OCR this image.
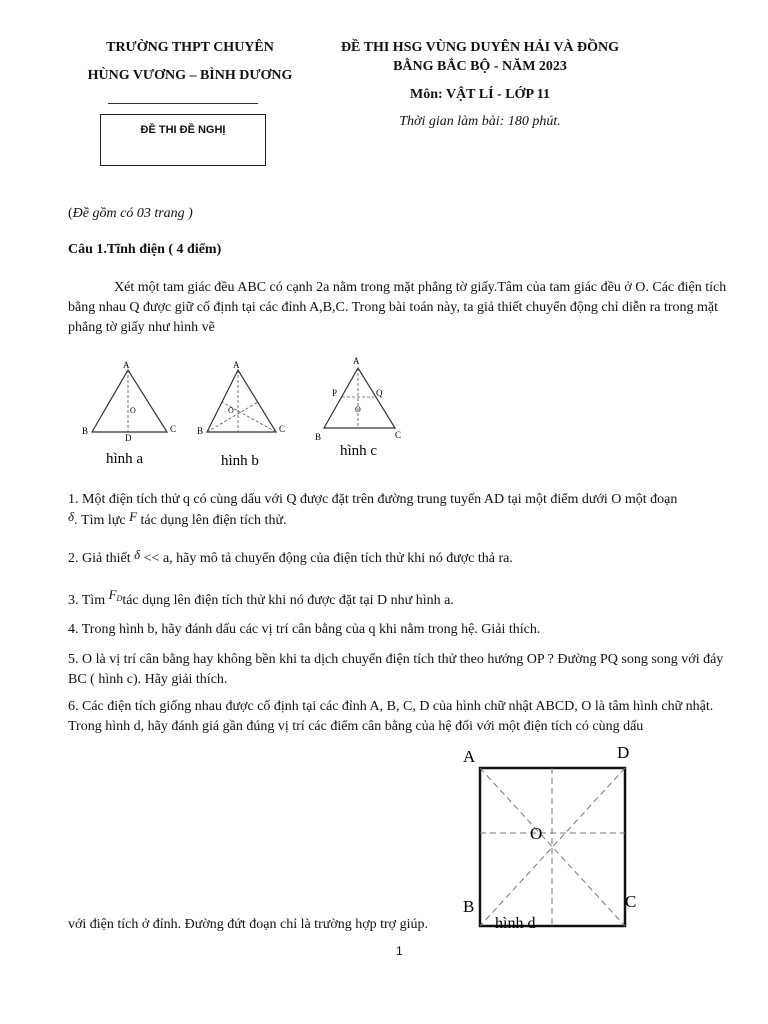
TRƯỜNG THPT CHUYÊN
HÙNG VƯƠNG – BÌNH DƯƠNG
ĐỀ THI ĐỀ NGHỊ
ĐỀ THI HSG VÙNG DUYÊN HẢI VÀ ĐỒNG
BẰNG BẮC BỘ - NĂM 2023
Môn: VẬT LÍ - LỚP 11
Thời gian làm bài: 180 phút.
(Đề gồm có 03 trang )
Câu 1.Tĩnh điện ( 4 điểm)
Xét một tam giác đều ABC có cạnh 2a nằm trong mặt phẳng tờ giấy.Tâm của tam giác đều ở O. Các điện tích bằng nhau Q được giữ cố định tại các đỉnh A,B,C. Trong bài toán này, ta giả thiết chuyển động chỉ diễn ra trong mặt phẳng tờ giấy như hình vẽ
A
B	C
D
O
hình a
A
B	C
O
hình b
A
P	Q
O
B	C
hình c
1. Một điện tích thử q có cùng dấu với Q được đặt trên đường trung tuyến AD tại một điểm dưới O một đoạn
δ. Tìm lực F tác dụng lên điện tích thử.
2. Giả thiết δ << a, hãy mô tả chuyển động của điện tích thử khi nó được thả ra.
3. Tìm $F^Dtác$ dụng lên điện tích thử khi nó được đặt tại D như hình a.
4. Trong hình b, hãy đánh dấu các vị trí cân bằng của q khi nằm trong hệ. Giải thích.
5. O là vị trí cân bằng hay không bền khi ta dịch chuyển điện tích thử theo hướng OP ? Đường PQ song song với đáy BC ( hình c). Hãy giải thích.
6. Các điện tích giống nhau được cố định tại các đỉnh A, B, C, D của hình chữ nhật ABCD, O là tâm hình chữ nhật. Trong hình d, hãy đánh giá gần đúng vị trí các điểm cân bằng của hệ đối với một điện tích có cùng dấu
A	D
B	C
O
hình d
với điện tích ở đỉnh. Đường đứt đoạn chỉ là trường hợp trợ giúp.
1
